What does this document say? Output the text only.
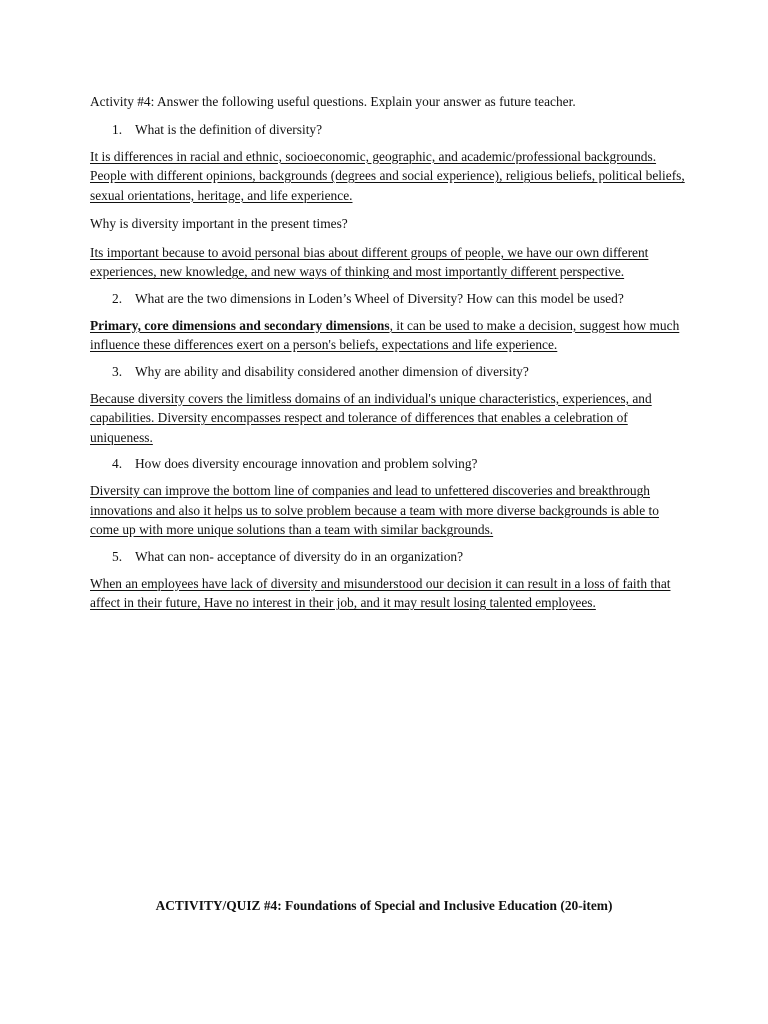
Activity #4: Answer the following useful questions. Explain your answer as future teacher.

1. What is the definition of diversity?

It is differences in racial and ethnic, socioeconomic, geographic, and academic/professional backgrounds. People with different opinions, backgrounds (degrees and social experience), religious beliefs, political beliefs, sexual orientations, heritage, and life experience.

Why is diversity important in the present times?

Its important because to avoid personal bias about different groups of people, we have our own different experiences, new knowledge, and new ways of thinking and most importantly different perspective.

2. What are the two dimensions in Loden’s Wheel of Diversity? How can this model be used?

Primary, core dimensions and secondary dimensions, it can be used to make a decision, suggest how much influence these differences exert on a person's beliefs, expectations and life experience.

3. Why are ability and disability considered another dimension of diversity?

Because diversity covers the limitless domains of an individual's unique characteristics, experiences, and capabilities. Diversity encompasses respect and tolerance of differences that enables a celebration of uniqueness.

4. How does diversity encourage innovation and problem solving?

Diversity can improve the bottom line of companies and lead to unfettered discoveries and breakthrough innovations and also it helps us to solve problem because a team with more diverse backgrounds is able to come up with more unique solutions than a team with similar backgrounds.

5. What can non- acceptance of diversity do in an organization?

When an employees have lack of diversity and misunderstood our decision it can result in a loss of faith that affect in their future, Have no interest in their job, and it may result losing talented employees.

ACTIVITY/QUIZ #4: Foundations of Special and Inclusive Education (20-item)
